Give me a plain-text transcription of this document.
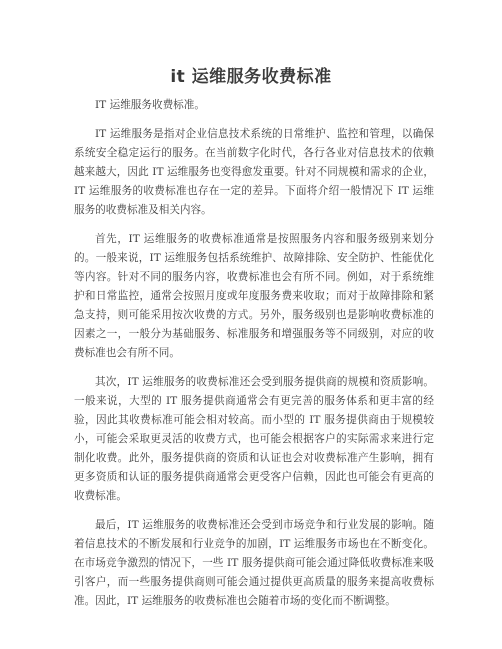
it 运维服务收费标准

IT 运维服务收费标准。

IT 运维服务是指对企业信息技术系统的日常维护、监控和管理，以确保系统安全稳定运行的服务。在当前数字化时代，各行各业对信息技术的依赖越来越大，因此 IT 运维服务也变得愈发重要。针对不同规模和需求的企业，IT 运维服务的收费标准也存在一定的差异。下面将介绍一般情况下 IT 运维服务的收费标准及相关内容。

首先，IT 运维服务的收费标准通常是按照服务内容和服务级别来划分的。一般来说，IT 运维服务包括系统维护、故障排除、安全防护、性能优化等内容。针对不同的服务内容，收费标准也会有所不同。例如，对于系统维护和日常监控，通常会按照月度或年度服务费来收取；而对于故障排除和紧急支持，则可能采用按次收费的方式。另外，服务级别也是影响收费标准的因素之一，一般分为基础服务、标准服务和增强服务等不同级别，对应的收费标准也会有所不同。

其次，IT 运维服务的收费标准还会受到服务提供商的规模和资质影响。一般来说，大型的 IT 服务提供商通常会有更完善的服务体系和更丰富的经验，因此其收费标准可能会相对较高。而小型的 IT 服务提供商由于规模较小，可能会采取更灵活的收费方式，也可能会根据客户的实际需求来进行定制化收费。此外，服务提供商的资质和认证也会对收费标准产生影响，拥有更多资质和认证的服务提供商通常会更受客户信赖，因此也可能会有更高的收费标准。

最后，IT 运维服务的收费标准还会受到市场竞争和行业发展的影响。随着信息技术的不断发展和行业竞争的加剧，IT 运维服务市场也在不断变化。在市场竞争激烈的情况下，一些 IT 服务提供商可能会通过降低收费标准来吸引客户，而一些服务提供商则可能会通过提供更高质量的服务来提高收费标准。因此，IT 运维服务的收费标准也会随着市场的变化而不断调整。
